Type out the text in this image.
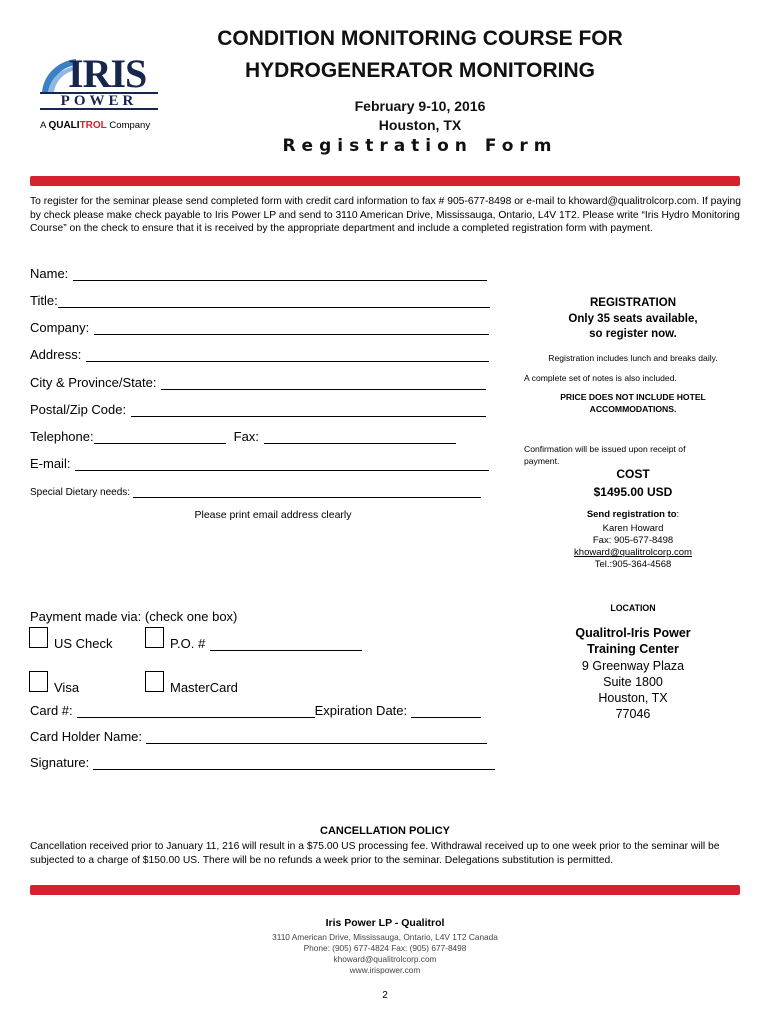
IRIS
POWER
A QUALITROL Company
CONDITION MONITORING COURSE FOR
HYDROGENERATOR MONITORING
February 9-10, 2016
Houston, TX
Registration Form
To register for the seminar please send completed form with credit card information to fax # 905-677-8498 or e-mail to khoward@qualitrolcorp.com. If paying by check please make check payable to Iris Power LP and send to 3110 American Drive, Mississauga, Ontario, L4V 1T2. Please write “Iris Hydro Monitoring Course” on the check to ensure that it is received by the appropriate department and include a completed registration form with payment.
Name:
Title:
Company:
Address:
City & Province/State:
Postal/Zip Code:
Telephone:	Fax:
E-mail:
Special Dietary needs:
Please print email address clearly
REGISTRATION
Only 35 seats available,
so register now.
Registration includes lunch and breaks daily.
A complete set of notes is also included.
PRICE DOES NOT INCLUDE HOTEL
ACCOMMODATIONS.
Confirmation will be issued upon receipt of
payment.
COST
$1495.00 USD
Send registration to:
Karen Howard
Fax: 905-677-8498
khoward@qualitrolcorp.com
Tel.:905-364-4568
LOCATION
Qualitrol-Iris Power
Training Center
9 Greenway Plaza
Suite 1800
Houston, TX
77046
Payment made via: (check one box)
US Check	P.O. #
Visa	MasterCard
Card #:	Expiration Date:
Card Holder Name:
Signature:
CANCELLATION POLICY
Cancellation received prior to January 11, 216 will result in a $75.00 US processing fee. Withdrawal received up to one week prior to the seminar will be subjected to a charge of $150.00 US. There will be no refunds a week prior to the seminar. Delegations substitution is permitted.
Iris Power LP - Qualitrol
3110 American Drive, Mississauga, Ontario, L4V 1T2 Canada
Phone: (905) 677-4824 Fax: (905) 677-8498
khoward@qualitrolcorp.com
www.irispower.com
2
